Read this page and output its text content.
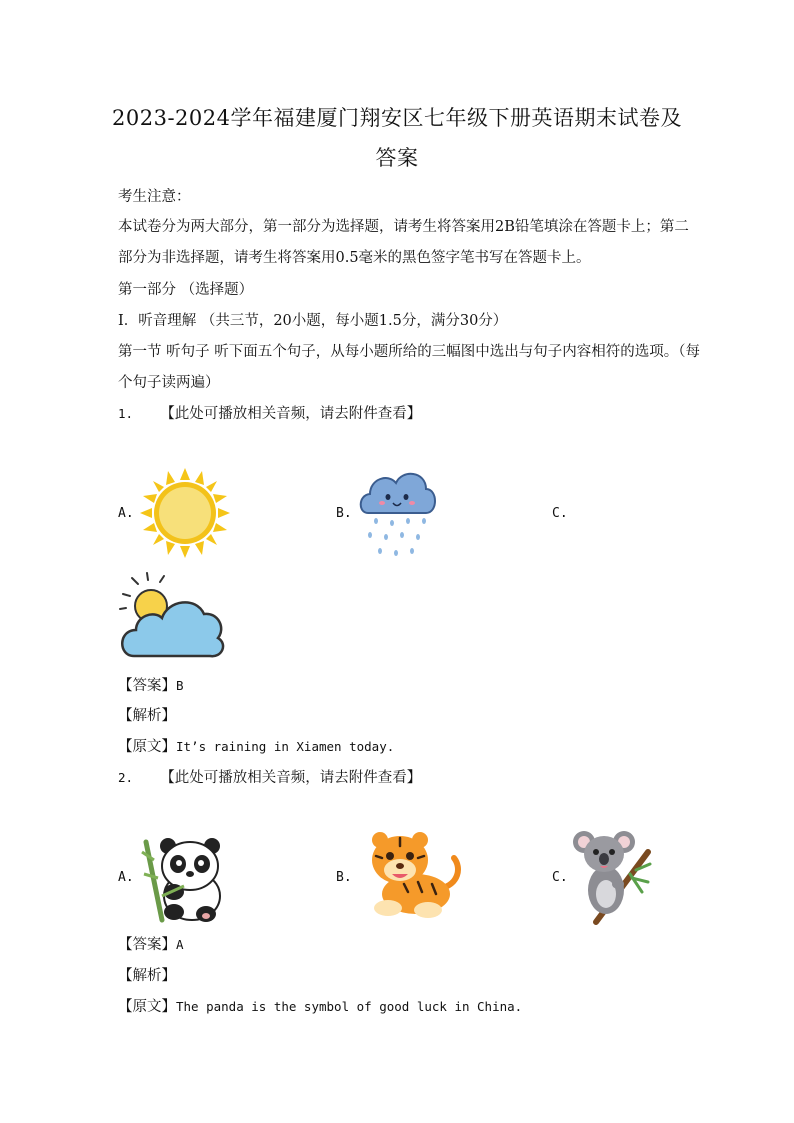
2023-2024学年福建厦门翔安区七年级下册英语期末试卷及
答案
考生注意：
本试卷分为两大部分，第一部分为选择题，请考生将答案用2B铅笔填涂在答题卡上；第二
部分为非选择题，请考生将答案用0.5毫米的黑色签字笔书写在答题卡上。
第一部分 （选择题）
Ⅰ．听音理解 （共三节，20小题，每小题1.5分，满分30分）
第一节 听句子 听下面五个句子，从每小题所给的三幅图中选出与句子内容相符的选项。（每
个句子读两遍）
1. 【此处可播放相关音频，请去附件查看】
A.	B.	C.
【答案】B
【解析】
【原文】It’s raining in Xiamen today.
2. 【此处可播放相关音频，请去附件查看】
A.	B.	C.
【答案】A
【解析】
【原文】The panda is the symbol of good luck in China.
